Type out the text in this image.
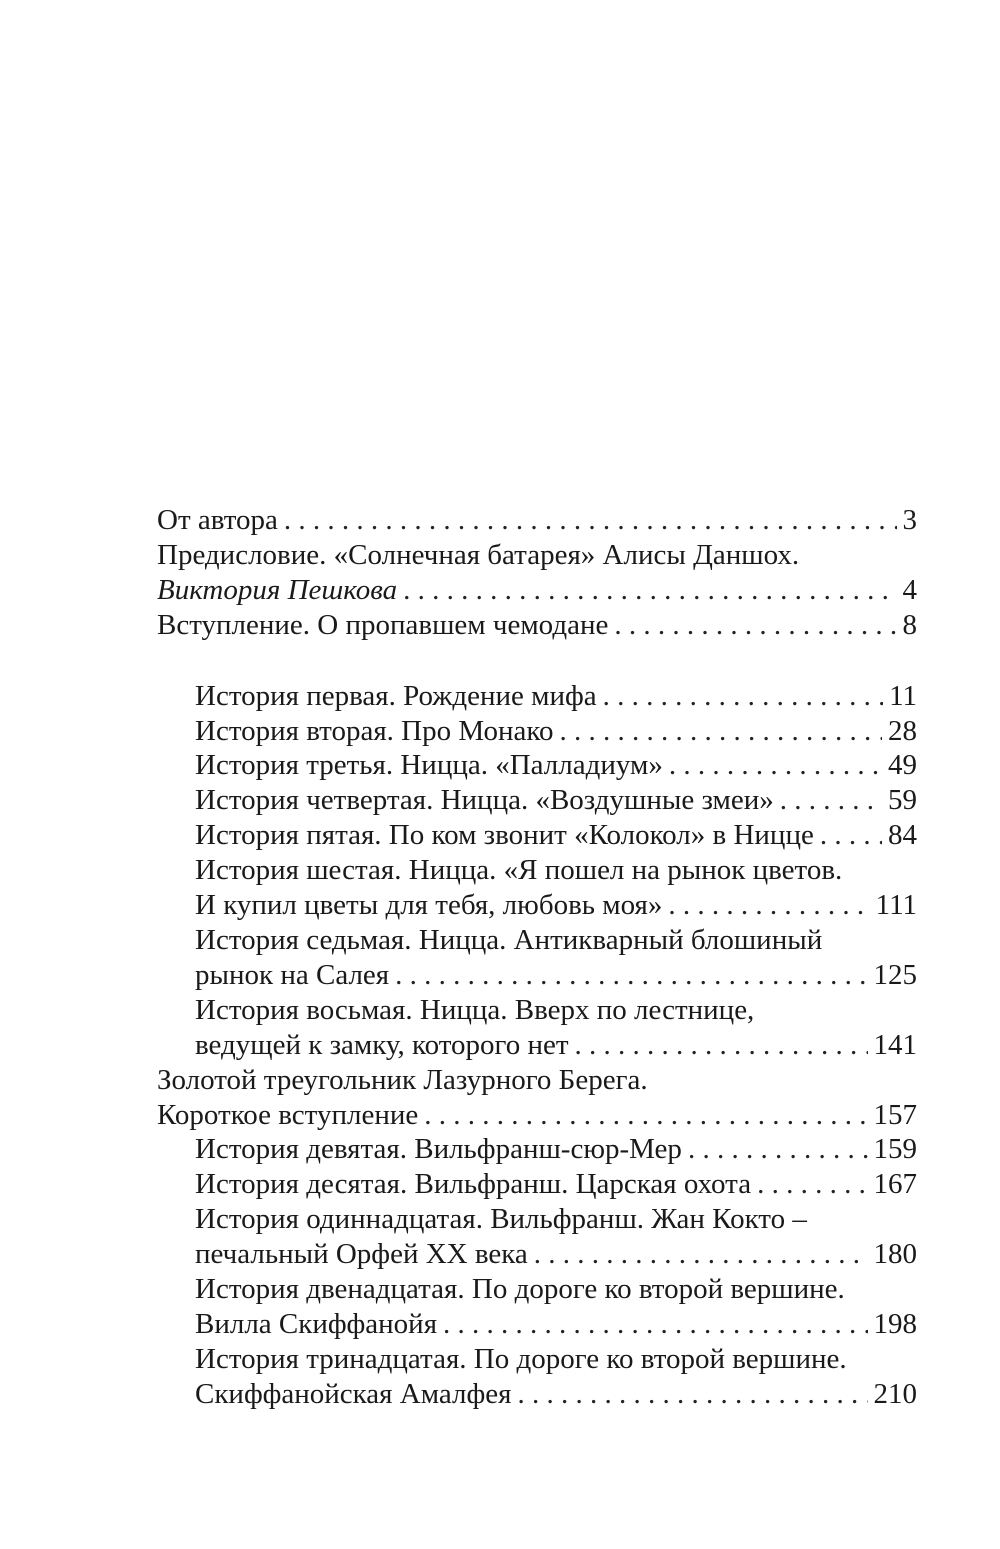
От автора . . .	3
Предисловие. «Солнечная батарея» Алисы Даншох.
Виктория Пешкова . . .	4
Вступление. О пропавшем чемодане . . .	8
История первая. Рождение мифа . . .	11
История вторая. Про Монако . . .	28
История третья. Ницца. «Палладиум» . . .	49
История четвертая. Ницца. «Воздушные змеи» . . .	59
История пятая. По ком звонит «Колокол» в Ницце . . .	84
История шестая. Ницца. «Я пошел на рынок цветов.
И купил цветы для тебя, любовь моя» . . .	111
История седьмая. Ницца. Антикварный блошиный
рынок на Салея . . .	125
История восьмая. Ницца. Вверх по лестнице,
ведущей к замку, которого нет . . .	141
Золотой треугольник Лазурного Берега.
Короткое вступление . . .	157
История девятая. Вильфранш-сюр-Мер . . .	159
История десятая. Вильфранш. Царская охота . . .	167
История одиннадцатая. Вильфранш. Жан Кокто –
печальный Орфей XX века . . .	180
История двенадцатая. По дороге ко второй вершине.
Вилла Скиффанойя . . .	198
История тринадцатая. По дороге ко второй вершине.
Скиффанойская Амалфея . . .	210
